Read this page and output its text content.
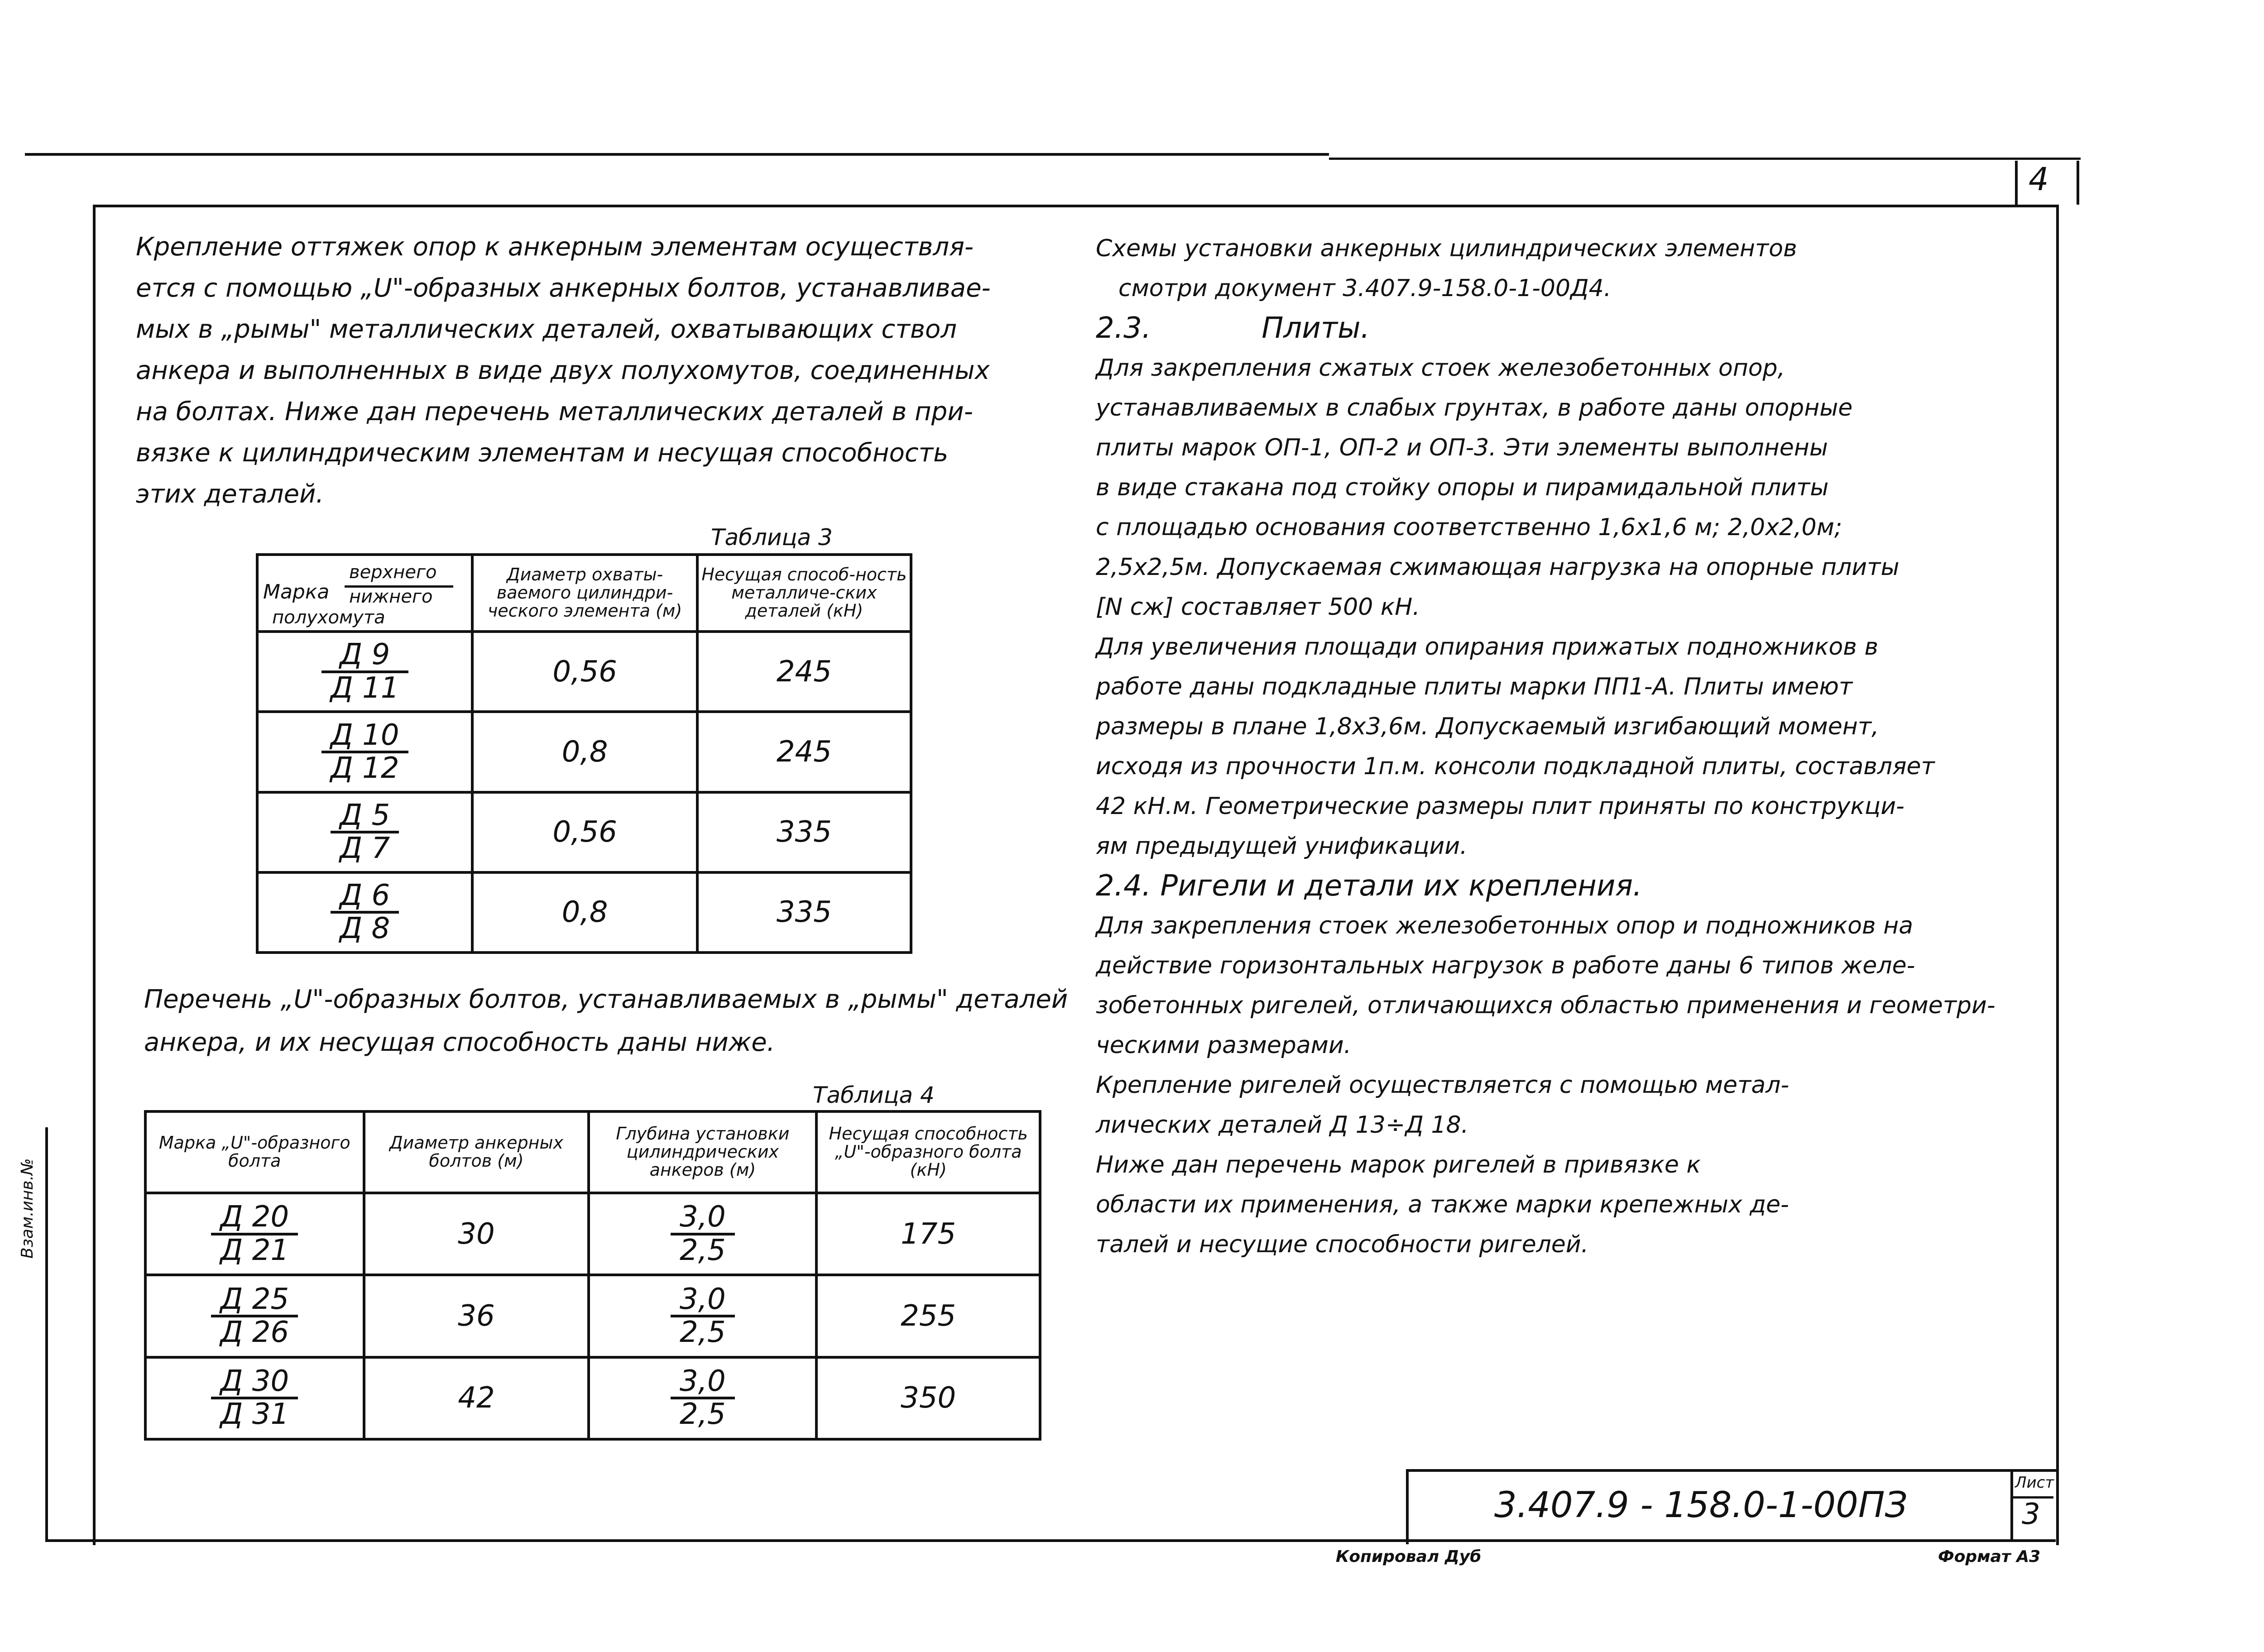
4
Взам.инв.№
Крепление оттяжек опор к анкерным элементам осуществля-
ется с помощью „U"-образных анкерных болтов, устанавливае-
мых в „рымы" металлических деталей, охватывающих ствол
анкера и выполненных в виде двух полухомутов, соединенных
на болтах. Ниже дан перечень металлических деталей в при-
вязке к цилиндрическим элементам и несущая способность
этих деталей.
Таблица 3
Марка
верхнего
нижнего
полухомута	Диаметр охваты-ваемого цилиндри-ческого элемента (м)	Несущая способ-ность металличе-ских деталей (кН)

$\frac{Д 9}{Д 11}$	0,56	245

$\frac{Д 10}{Д 12}$	0,8	245

$\frac{Д 5}{Д 7}$	0,56	335

$\frac{Д 6}{Д 8}$	0,8	335
Перечень „U"-образных болтов, устанавливаемых в „рымы" деталей
анкера, и их несущая способность даны ниже.
Таблица 4
Марка „U"-образного болта	Диаметр анкерных болтов (м)	Глубина установки цилиндрических анкеров (м)	Несущая способность „U"-образного болта (кН)

$\frac{Д 20}{Д 21}$	30	$\frac{3,0}{2,5}$	175

$\frac{Д 25}{Д 26}$	36	$\frac{3,0}{2,5}$	255

$\frac{Д 30}{Д 31}$	42	$\frac{3,0}{2,5}$	350
Схемы установки анкерных цилиндрических элементов
смотри документ 3.407.9-158.0-1-00Д4.
2.3.            Плиты.
Для закрепления сжатых стоек железобетонных опор,
устанавливаемых в слабых грунтах, в работе даны опорные
плиты марок ОП-1, ОП-2 и ОП-3. Эти элементы выполнены
в виде стакана под стойку опоры и пирамидальной плиты
с площадью основания соответственно 1,6х1,6 м; 2,0х2,0м;
2,5х2,5м. Допускаемая сжимающая нагрузка на опорные плиты
[N сж] составляет 500 кН.
Для увеличения площади опирания прижатых подножников в
работе даны подкладные плиты марки ПП1-А. Плиты имеют
размеры в плане 1,8х3,6м. Допускаемый изгибающий момент,
исходя из прочности 1п.м. консоли подкладной плиты, составляет
42 кН.м. Геометрические размеры плит приняты по конструкци-
ям предыдущей унификации.
2.4. Ригели и детали их крепления.
Для закрепления стоек железобетонных опор и подножников на
действие горизонтальных нагрузок в работе даны 6 типов желе-
зобетонных ригелей, отличающихся областью применения и геометри-
ческими размерами.
Крепление ригелей осуществляется с помощью метал-
лических деталей Д 13÷Д 18.
Ниже дан перечень марок ригелей в привязке к
области их применения, а также марки крепежных де-
талей и несущие способности ригелей.
3.407.9 - 158.0-1-00ПЗ
Лист
3
Копировал Дуб	Формат А3
